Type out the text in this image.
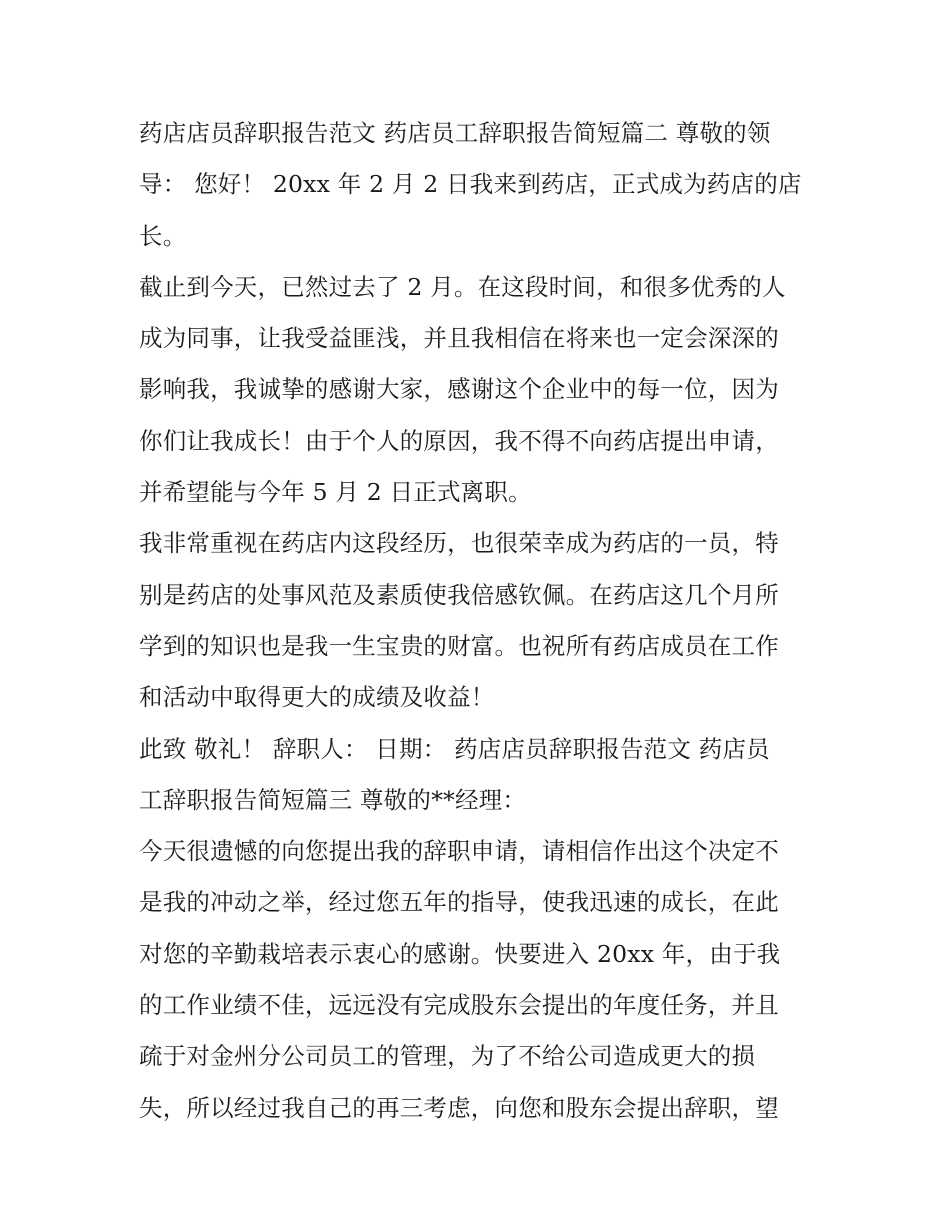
药店店员辞职报告范文 药店员工辞职报告简短篇二 尊敬的领
导： 您好！ 20xx 年 2 月 2 日我来到药店，正式成为药店的店
长。
截止到今天，已然过去了 2 月。在这段时间，和很多优秀的人
成为同事，让我受益匪浅，并且我相信在将来也一定会深深的
影响我，我诚挚的感谢大家，感谢这个企业中的每一位，因为
你们让我成长！由于个人的原因，我不得不向药店提出申请，
并希望能与今年 5 月 2 日正式离职。
我非常重视在药店内这段经历，也很荣幸成为药店的一员，特
别是药店的处事风范及素质使我倍感钦佩。在药店这几个月所
学到的知识也是我一生宝贵的财富。也祝所有药店成员在工作
和活动中取得更大的成绩及收益！
此致 敬礼！ 辞职人： 日期： 药店店员辞职报告范文 药店员
工辞职报告简短篇三 尊敬的**经理：
今天很遗憾的向您提出我的辞职申请，请相信作出这个决定不
是我的冲动之举，经过您五年的指导，使我迅速的成长，在此
对您的辛勤栽培表示衷心的感谢。快要进入 20xx 年，由于我
的工作业绩不佳，远远没有完成股东会提出的年度任务，并且
疏于对金州分公司员工的管理，为了不给公司造成更大的损
失，所以经过我自己的再三考虑，向您和股东会提出辞职，望
